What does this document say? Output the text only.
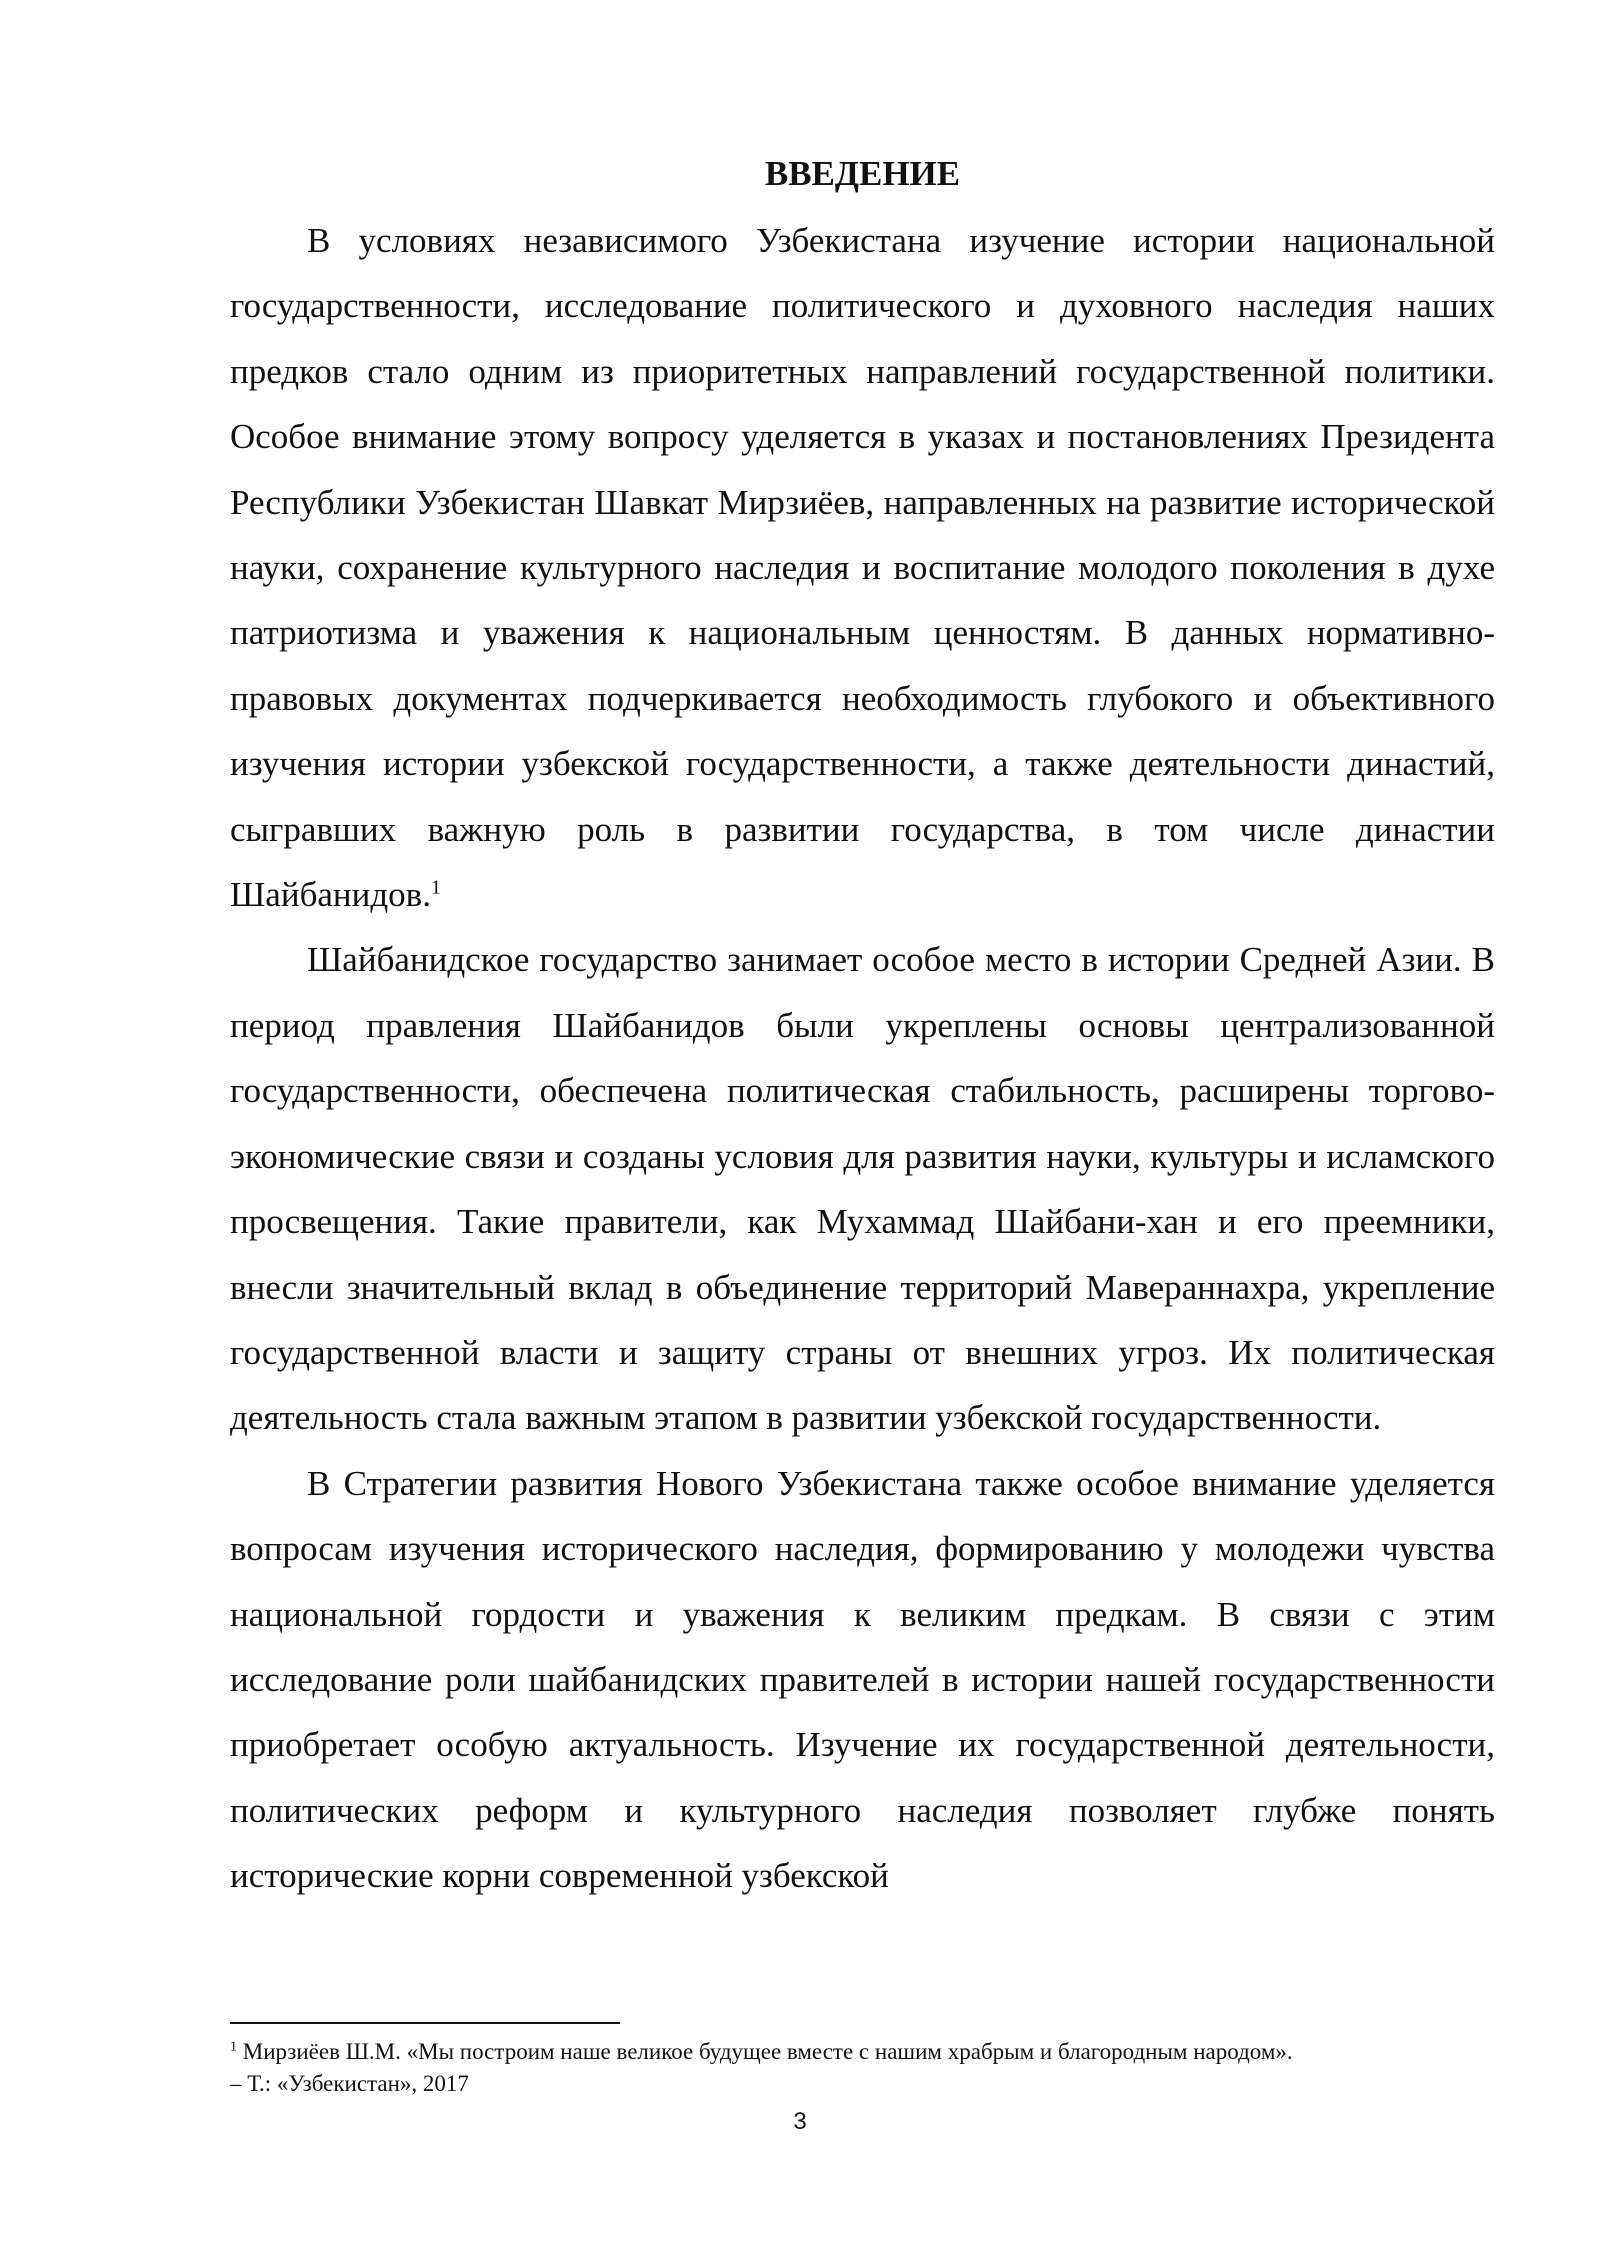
ВВЕДЕНИЕ

В условиях независимого Узбекистана изучение истории национальной государственности, исследование политического и духовного наследия наших предков стало одним из приоритетных направлений государственной политики. Особое внимание этому вопросу уделяется в указах и постановлениях Президента Республики Узбекистан Шавкат Мирзиёев, направленных на развитие исторической науки, сохранение культурного наследия и воспитание молодого поколения в духе патриотизма и уважения к национальным ценностям. В данных нормативно-правовых документах подчеркивается необходимость глубокого и объективного изучения истории узбекской государственности, а также деятельности династий, сыгравших важную роль в развитии государства, в том числе династии Шайбанидов.$^1$

Шайбанидское государство занимает особое место в истории Средней Азии. В период правления Шайбанидов были укреплены основы централизованной государственности, обеспечена политическая стабильность, расширены торгово-экономические связи и созданы условия для развития науки, культуры и исламского просвещения. Такие правители, как Мухаммад Шайбани-хан и его преемники, внесли значительный вклад в объединение территорий Мавераннахра, укрепление государственной власти и защиту страны от внешних угроз. Их политическая деятельность стала важным этапом в развитии узбекской государственности.

В Стратегии развития Нового Узбекистана также особое внимание уделяется вопросам изучения исторического наследия, формированию у молодежи чувства национальной гордости и уважения к великим предкам. В связи с этим исследование роли шайбанидских правителей в истории нашей государственности приобретает особую актуальность. Изучение их государственной деятельности, политических реформ и культурного наследия позволяет глубже понять исторические корни современной узбекской

$^1$ Мирзиёев Ш.М. «Мы построим наше великое будущее вместе с нашим храбрым и благородным народом».
– Т.: «Узбекистан», 2017

3
